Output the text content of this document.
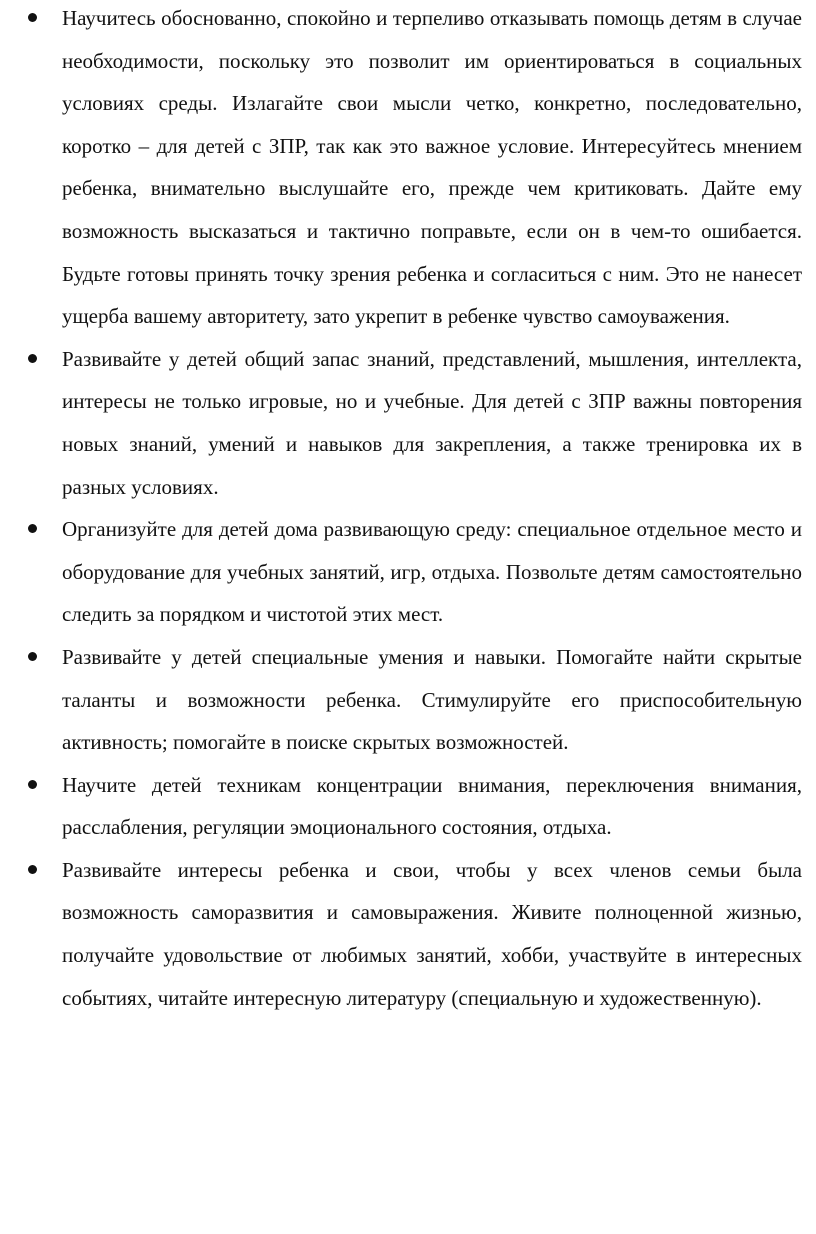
Научитесь обоснованно, спокойно и терпеливо отказывать помощь детям в случае необходимости, поскольку это позволит им ориентироваться в социальных условиях среды. Излагайте свои мысли четко, конкретно, последовательно, коротко – для детей с ЗПР, так как это важное условие. Интересуйтесь мнением ребенка, внимательно выслушайте его, прежде чем критиковать. Дайте ему возможность высказаться и тактично поправьте, если он в чем-то ошибается. Будьте готовы принять точку зрения ребенка и согласиться с ним. Это не нанесет ущерба вашему авторитету, зато укрепит в ребенке чувство самоуважения.
Развивайте у детей общий запас знаний, представлений, мышления, интеллекта, интересы не только игровые, но и учебные. Для детей с ЗПР важны повторения новых знаний, умений и навыков для закрепления, а также тренировка их в разных условиях.
Организуйте для детей дома развивающую среду: специальное отдельное место и оборудование для учебных занятий, игр, отдыха. Позвольте детям самостоятельно следить за порядком и чистотой этих мест.
Развивайте у детей специальные умения и навыки. Помогайте найти скрытые таланты и возможности ребенка. Стимулируйте его приспособительную активность; помогайте в поиске скрытых возможностей.
Научите детей техникам концентрации внимания, переключения внимания, расслабления, регуляции эмоционального состояния, отдыха.
Развивайте интересы ребенка и свои, чтобы у всех членов семьи была возможность саморазвития и самовыражения. Живите полноценной жизнью, получайте удовольствие от любимых занятий, хобби, участвуйте в интересных событиях, читайте интересную литературу (специальную и художественную).
